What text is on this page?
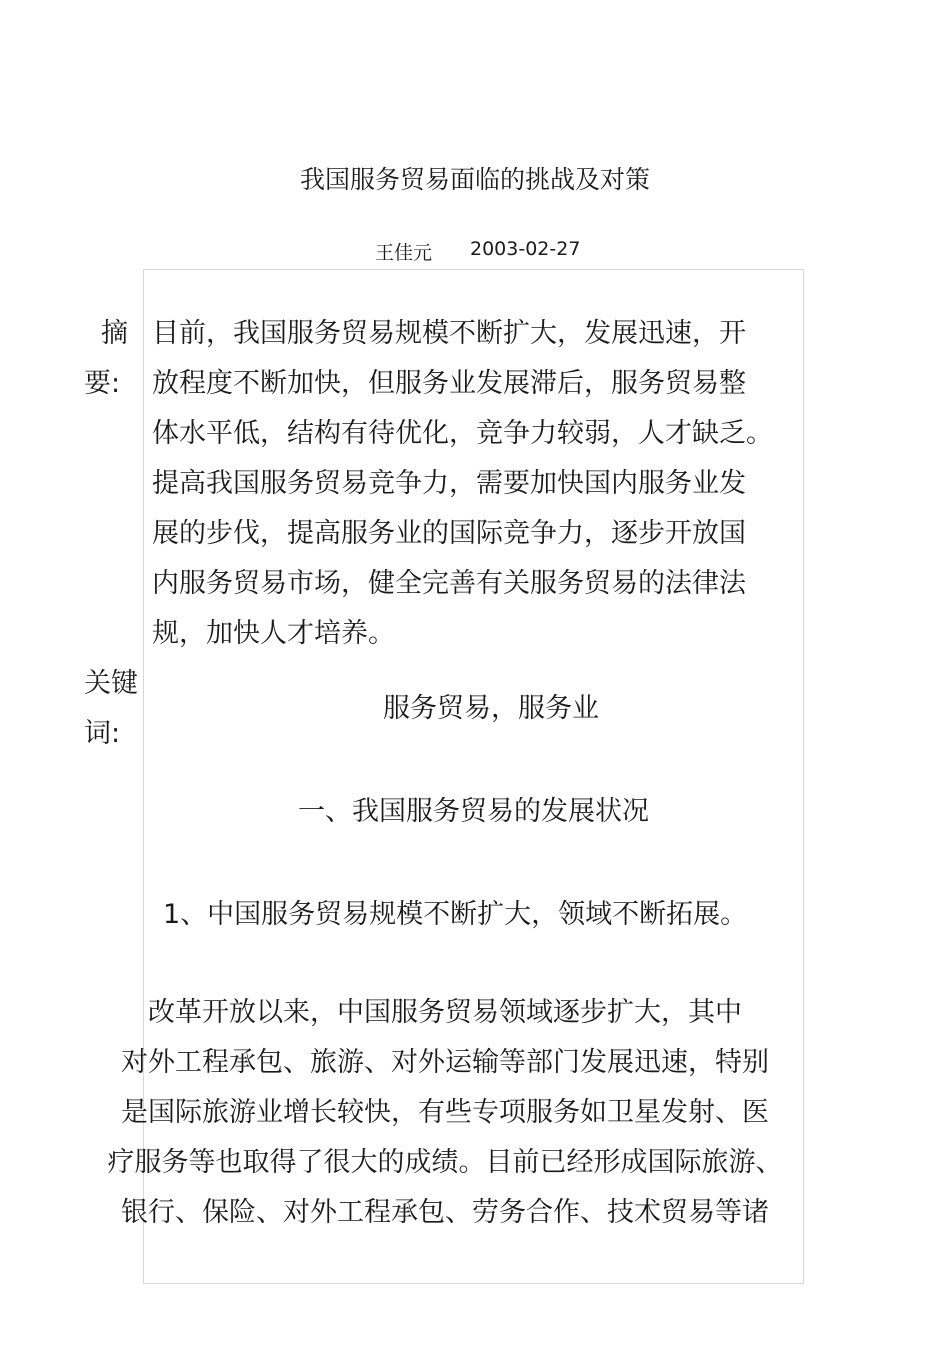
我国服务贸易面临的挑战及对策
王佳元 2003-02-27
摘
要:
目前，我国服务贸易规模不断扩大，发展迅速，开
放程度不断加快，但服务业发展滞后，服务贸易整
体水平低，结构有待优化，竞争力较弱，人才缺乏。
提高我国服务贸易竞争力，需要加快国内服务业发
展的步伐，提高服务业的国际竞争力，逐步开放国
内服务贸易市场，健全完善有关服务贸易的法律法
规，加快人才培养。
关键
词:
服务贸易，服务业
一、我国服务贸易的发展状况
1、中国服务贸易规模不断扩大，领域不断拓展。
改革开放以来，中国服务贸易领域逐步扩大，其中
对外工程承包、旅游、对外运输等部门发展迅速，特别
是国际旅游业增长较快，有些专项服务如卫星发射、医
疗服务等也取得了很大的成绩。目前已经形成国际旅游、
银行、保险、对外工程承包、劳务合作、技术贸易等诸
